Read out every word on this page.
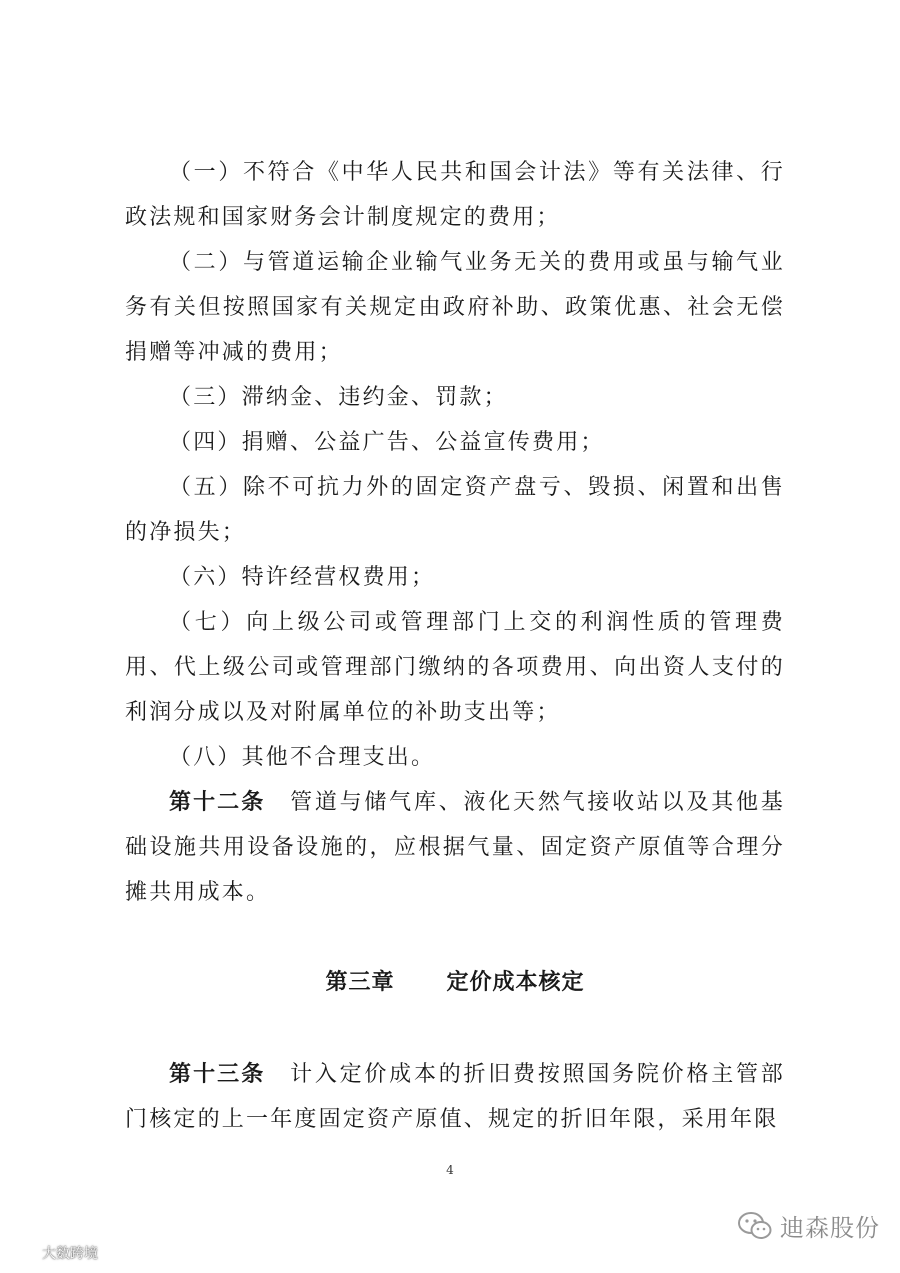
（一）不符合《中华人民共和国会计法》等有关法律、行政法规和国家财务会计制度规定的费用；

（二）与管道运输企业输气业务无关的费用或虽与输气业务有关但按照国家有关规定由政府补助、政策优惠、社会无偿捐赠等冲减的费用；

（三）滞纳金、违约金、罚款；

（四）捐赠、公益广告、公益宣传费用；

（五）除不可抗力外的固定资产盘亏、毁损、闲置和出售的净损失；

（六）特许经营权费用；

（七）向上级公司或管理部门上交的利润性质的管理费用、代上级公司或管理部门缴纳的各项费用、向出资人支付的利润分成以及对附属单位的补助支出等；

（八）其他不合理支出。

第十二条　 管道与储气库、液化天然气接收站以及其他基础设施共用设备设施的，应根据气量、固定资产原值等合理分摊共用成本。

第三章 定价成本核定

第十三条　 计入定价成本的折旧费按照国务院价格主管部门核定的上一年度固定资产原值、规定的折旧年限，采用年限

4
迪森股份
大数跨境
